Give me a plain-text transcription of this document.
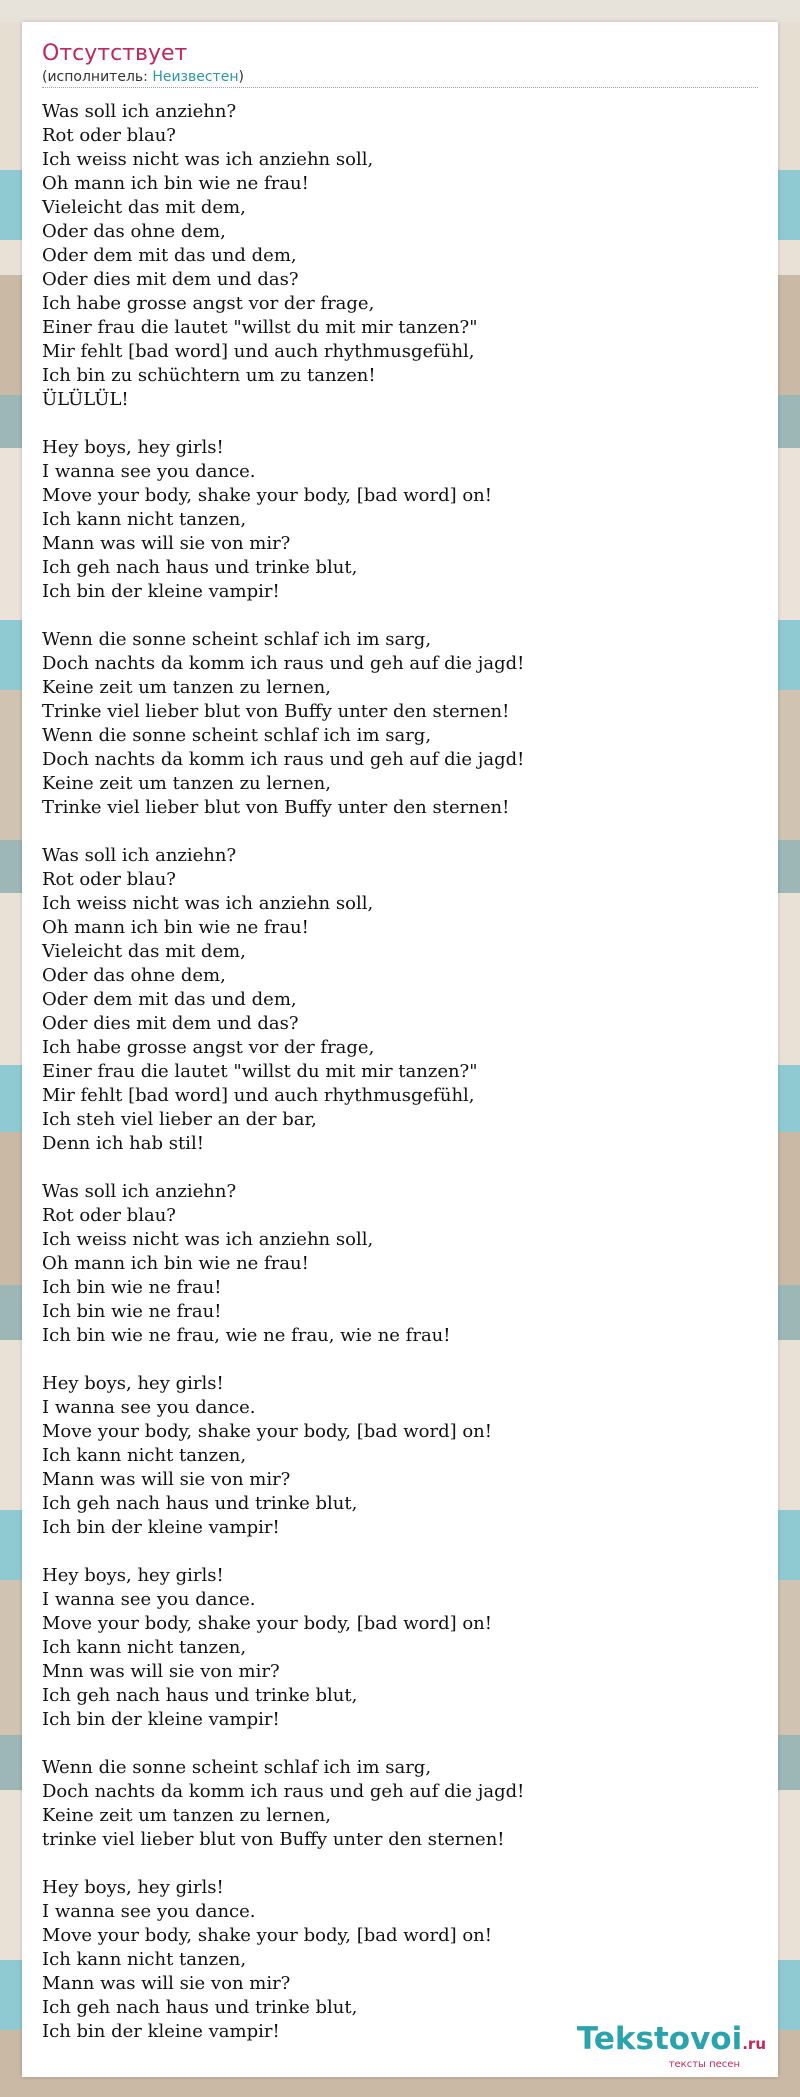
Отсутствует
(исполнитель: Неизвестен)
Was soll ich anziehn?
Rot oder blau?
Ich weiss nicht was ich anziehn soll,
Oh mann ich bin wie ne frau!
Vieleicht das mit dem,
Oder das ohne dem,
Oder dem mit das und dem,
Oder dies mit dem und das?
Ich habe grosse angst vor der frage,
Einer frau die lautet "willst du mit mir tanzen?"
Mir fehlt [bad word] und auch rhythmusgefühl,
Ich bin zu schüchtern um zu tanzen!
ÜLÜLÜL!
Hey boys, hey girls!
I wanna see you dance.
Move your body, shake your body, [bad word] on!
Ich kann nicht tanzen,
Mann was will sie von mir?
Ich geh nach haus und trinke blut,
Ich bin der kleine vampir!
Wenn die sonne scheint schlaf ich im sarg,
Doch nachts da komm ich raus und geh auf die jagd!
Keine zeit um tanzen zu lernen,
Trinke viel lieber blut von Buffy unter den sternen!
Wenn die sonne scheint schlaf ich im sarg,
Doch nachts da komm ich raus und geh auf die jagd!
Keine zeit um tanzen zu lernen,
Trinke viel lieber blut von Buffy unter den sternen!
Was soll ich anziehn?
Rot oder blau?
Ich weiss nicht was ich anziehn soll,
Oh mann ich bin wie ne frau!
Vieleicht das mit dem,
Oder das ohne dem,
Oder dem mit das und dem,
Oder dies mit dem und das?
Ich habe grosse angst vor der frage,
Einer frau die lautet "willst du mit mir tanzen?"
Mir fehlt [bad word] und auch rhythmusgefühl,
Ich steh viel lieber an der bar,
Denn ich hab stil!
Was soll ich anziehn?
Rot oder blau?
Ich weiss nicht was ich anziehn soll,
Oh mann ich bin wie ne frau!
Ich bin wie ne frau!
Ich bin wie ne frau!
Ich bin wie ne frau, wie ne frau, wie ne frau!
Hey boys, hey girls!
I wanna see you dance.
Move your body, shake your body, [bad word] on!
Ich kann nicht tanzen,
Mann was will sie von mir?
Ich geh nach haus und trinke blut,
Ich bin der kleine vampir!
Hey boys, hey girls!
I wanna see you dance.
Move your body, shake your body, [bad word] on!
Ich kann nicht tanzen,
Mnn was will sie von mir?
Ich geh nach haus und trinke blut,
Ich bin der kleine vampir!
Wenn die sonne scheint schlaf ich im sarg,
Doch nachts da komm ich raus und geh auf die jagd!
Keine zeit um tanzen zu lernen,
trinke viel lieber blut von Buffy unter den sternen!
Hey boys, hey girls!
I wanna see you dance.
Move your body, shake your body, [bad word] on!
Ich kann nicht tanzen,
Mann was will sie von mir?
Ich geh nach haus und trinke blut,
Ich bin der kleine vampir!	Tekstovoi.ru
тексты песен
